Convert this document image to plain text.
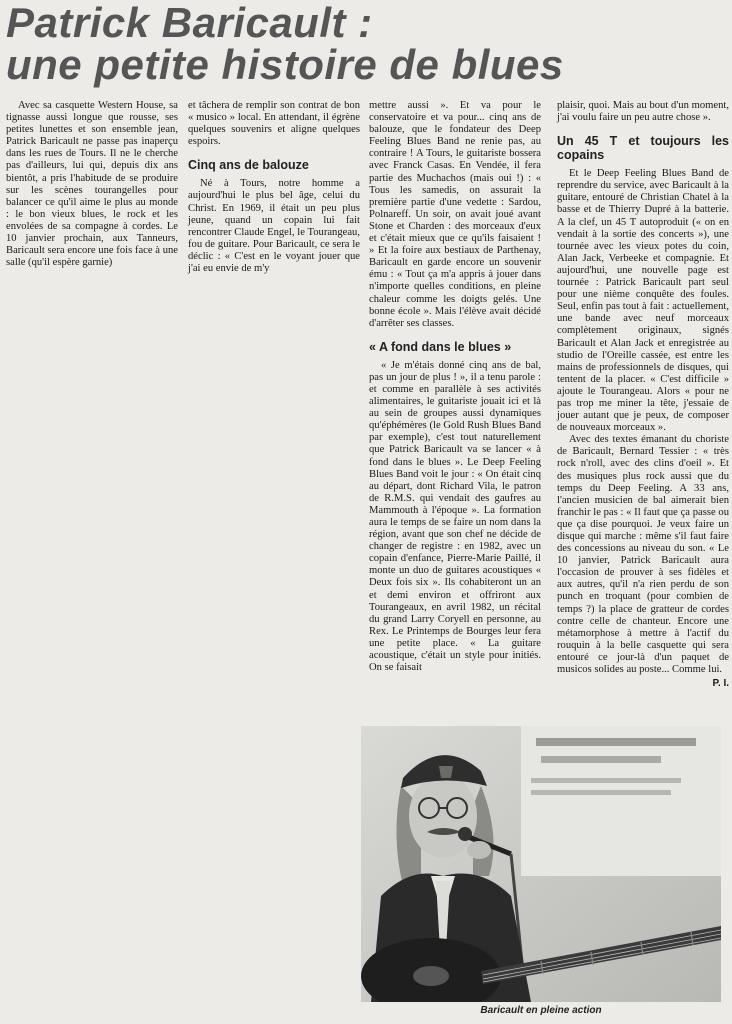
Patrick Baricault :
une petite histoire de blues

Avec sa casquette Western House, sa tignasse aussi longue que rousse, ses petites lunettes et son ensemble jean, Patrick Baricault ne passe pas inaperçu dans les rues de Tours. Il ne le cherche pas d'ailleurs, lui qui, depuis dix ans bientôt, a pris l'habitude de se produire sur les scènes tourangelles pour balancer ce qu'il aime le plus au monde : le bon vieux blues, le rock et les envolées de sa compagne à cordes. Le 10 janvier prochain, aux Tanneurs, Baricault sera encore une fois face à une salle (qu'il espère garnie)

et tâchera de remplir son contrat de bon « musico » local. En attendant, il égrène quelques souvenirs et aligne quelques espoirs.

Cinq ans de balouze

Né à Tours, notre homme a aujourd'hui le plus bel âge, celui du Christ. En 1969, il était un peu plus jeune, quand un copain lui fait rencontrer Claude Engel, le Tourangeau, fou de guitare. Pour Baricault, ce sera le déclic : « C'est en le voyant jouer que j'ai eu envie de m'y

mettre aussi ». Et va pour le conservatoire et va pour... cinq ans de balouze, que le fondateur des Deep Feeling Blues Band ne renie pas, au contraire ! A Tours, le guitariste bossera avec Franck Casas. En Vendée, il fera partie des Muchachos (mais oui !) : « Tous les samedis, on assurait la première partie d'une vedette : Sardou, Polnareff. Un soir, on avait joué avant Stone et Charden : des morceaux d'eux et c'était mieux que ce qu'ils faisaient ! » Et la foire aux bestiaux de Parthenay, Baricault en garde encore un souvenir ému : « Tout ça m'a appris à jouer dans n'importe quelles conditions, en pleine chaleur comme les doigts gelés. Une bonne école ». Mais l'élève avait décidé d'arrêter ses classes.

« A fond dans le blues »

« Je m'étais donné cinq ans de bal, pas un jour de plus ! », il a tenu parole : et comme en parallèle à ses activités alimentaires, le guitariste jouait ici et là au sein de groupes aussi dynamiques qu'éphémères (le Gold Rush Blues Band par exemple), c'est tout naturellement que Patrick Baricault va se lancer « à fond dans le blues ». Le Deep Feeling Blues Band voit le jour : « On était cinq au départ, dont Richard Vila, le patron de R.M.S. qui vendait des gaufres au Mammouth à l'époque ». La formation aura le temps de se faire un nom dans la région, avant que son chef ne décide de changer de registre : en 1982, avec un copain d'enfance, Pierre-Marie Paillé, il monte un duo de guitares acoustiques « Deux fois six ». Ils cohabiteront un an et demi environ et offriront aux Tourangeaux, en avril 1982, un récital du grand Larry Coryell en personne, au Rex. Le Printemps de Bourges leur fera une petite place. « La guitare acoustique, c'était un style pour initiés. On se faisait

plaisir, quoi. Mais au bout d'un moment, j'ai voulu faire un peu autre chose ».

Un 45 T et toujours les copains

Et le Deep Feeling Blues Band de reprendre du service, avec Baricault à la guitare, entouré de Christian Chatel à la basse et de Thierry Dupré à la batterie. A la clef, un 45 T autoproduit (« on en vendait à la sortie des concerts »), une tournée avec les vieux potes du coin, Alan Jack, Verbeeke et compagnie. Et aujourd'hui, une nouvelle page est tournée : Patrick Baricault part seul pour une nième conquête des foules. Seul, enfin pas tout à fait : actuellement, une bande avec neuf morceaux complètement originaux, signés Baricault et Alan Jack et enregistrée au studio de l'Oreille cassée, est entre les mains de professionnels de disques, qui tentent de la placer. « C'est difficile » ajoute le Tourangeau. Alors « pour ne pas trop me miner la tête, j'essaie de jouer autant que je peux, de composer de nouveaux morceaux ».

Avec des textes émanant du choriste de Baricault, Bernard Tessier : « très rock n'roll, avec des clins d'oeil ». Et des musiques plus rock aussi que du temps du Deep Feeling. A 33 ans, l'ancien musicien de bal aimerait bien franchir le pas : « Il faut que ça passe ou que ça dise pourquoi. Je veux faire un disque qui marche : même s'il faut faire des concessions au niveau du son. « Le 10 janvier, Patrick Baricault aura l'occasion de prouver à ses fidèles et aux autres, qu'il n'a rien perdu de son punch en troquant (pour combien de temps ?) la place de gratteur de cordes contre celle de chanteur. Encore une métamorphose à mettre à l'actif du rouquin à la belle casquette qui sera entouré ce jour-là d'un paquet de musicos solides au poste... Comme lui.

P. I.
Baricault en pleine action
